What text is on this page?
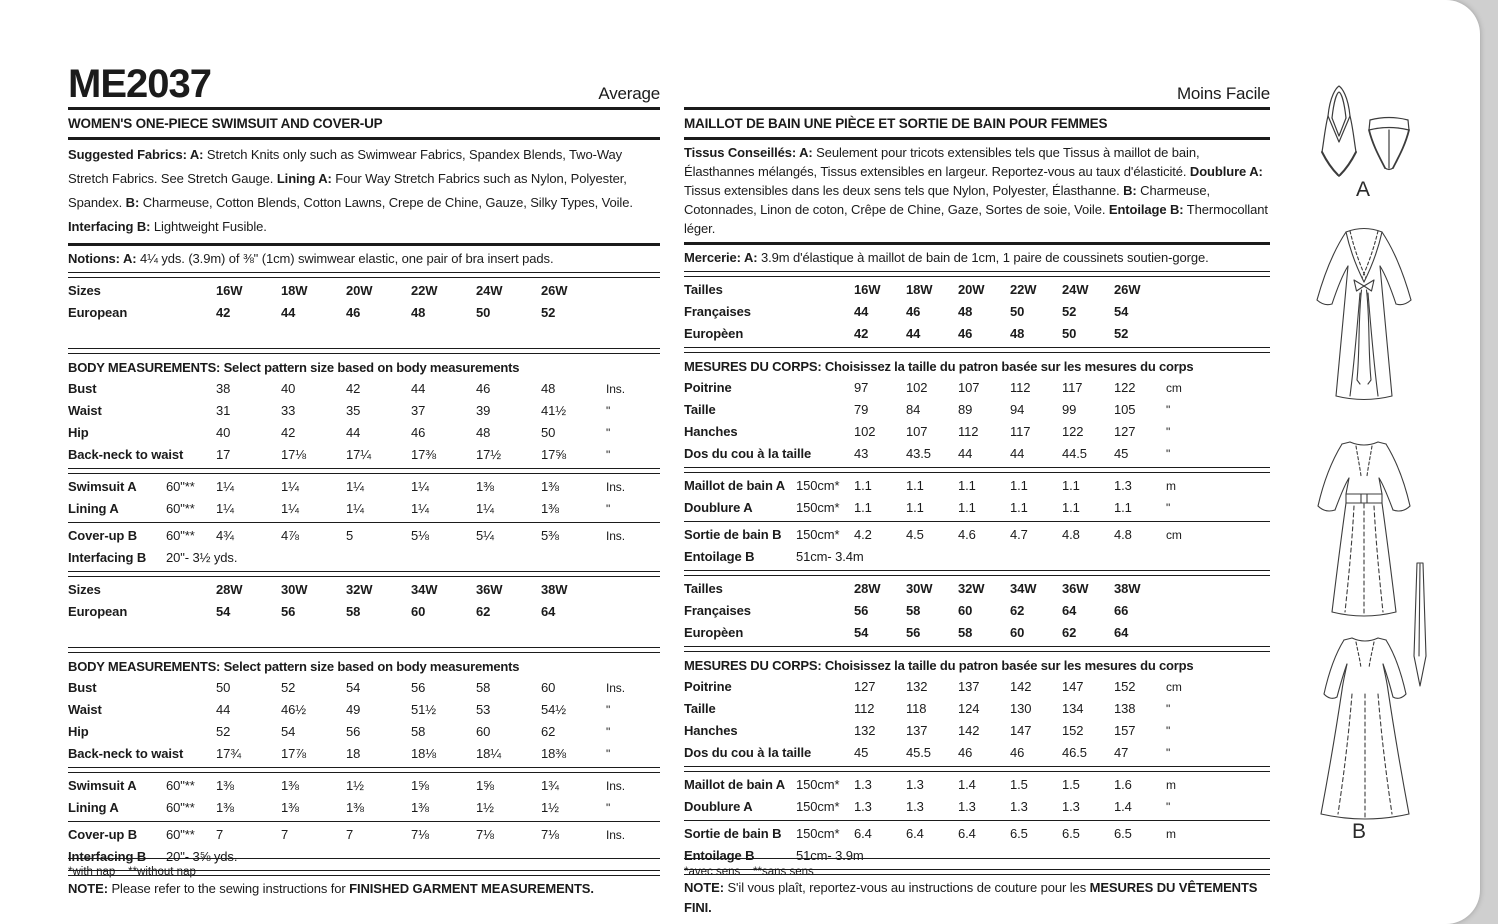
ME2037	Average
WOMEN'S ONE-PIECE SWIMSUIT AND COVER-UP

Suggested Fabrics: A: Stretch Knits only such as Swimwear Fabrics, Spandex Blends, Two-Way Stretch Fabrics. See Stretch Gauge. Lining A: Four Way Stretch Fabrics such as Nylon, Polyester, Spandex. B: Charmeuse, Cotton Blends, Cotton Lawns, Crepe de Chine, Gauze, Silky Types, Voile. Interfacing B: Lightweight Fusible.

Notions: A: 4¼ yds. (3.9m) of ⅜" (1cm) swimwear elastic, one pair of bra insert pads.

Sizes	16W	18W	20W	22W	24W	26W
European	42	44	46	48	50	52
BODY MEASUREMENTS: Select pattern size based on body measurements
Bust	38	40	42	44	46	48	Ins.
Waist	31	33	35	37	39	41½	"
Hip	40	42	44	46	48	50	"
Back-neck to waist	17	17⅛	17¼	17⅜	17½	17⅝	"
Swimsuit A	60"**	1¼	1¼	1¼	1¼	1⅜	1⅜	Ins.
Lining A	60"**	1¼	1¼	1¼	1¼	1¼	1⅜	"
Cover-up B	60"**	4¾	4⅞	5	5⅛	5¼	5⅜	Ins.
Interfacing B	20"- 3½ yds.
Sizes	28W	30W	32W	34W	36W	38W
European	54	56	58	60	62	64
BODY MEASUREMENTS: Select pattern size based on body measurements
Bust	50	52	54	56	58	60	Ins.
Waist	44	46½	49	51½	53	54½	"
Hip	52	54	56	58	60	62	"
Back-neck to waist	17¾	17⅞	18	18⅛	18¼	18⅜	"
Swimsuit A	60"**	1⅜	1⅜	1½	1⅝	1⅝	1¾	Ins.
Lining A	60"**	1⅜	1⅜	1⅜	1⅜	1½	1½	"
Cover-up B	60"**	7	7	7	7⅛	7⅛	7⅛	Ins.
Interfacing B	20"- 3⅝ yds.

NOTE: Please refer to the sewing instructions for FINISHED GARMENT MEASUREMENTS.

*with nap    **without nap

Moins Facile
MAILLOT DE BAIN UNE PIÈCE ET SORTIE DE BAIN POUR FEMMES

Tissus Conseillés: A: Seulement pour tricots extensibles tels que Tissus à maillot de bain, Élasthannes mélangés, Tissus extensibles en largeur. Reportez-vous au taux d'élasticité. Doublure A: Tissus extensibles dans les deux sens tels que Nylon, Polyester, Élasthanne. B: Charmeuse, Cotonnades, Linon de coton, Crêpe de Chine, Gaze, Sortes de soie, Voile. Entoilage B: Thermocollant léger.

Mercerie: A: 3.9m d'élastique à maillot de bain de 1cm, 1 paire de coussinets soutien-gorge.

Tailles	16W	18W	20W	22W	24W	26W
Françaises	44	46	48	50	52	54
Europèen	42	44	46	48	50	52
MESURES DU CORPS: Choisissez la taille du patron basée sur les mesures du corps
Poitrine	97	102	107	112	117	122	cm
Taille	79	84	89	94	99	105	"
Hanches	102	107	112	117	122	127	"
Dos du cou à la taille	43	43.5	44	44	44.5	45	"
Maillot de bain A 150cm*	1.1	1.1	1.1	1.1	1.1	1.3	m
Doublure A	150cm*	1.1	1.1	1.1	1.1	1.1	1.1	"
Sortie de bain B	150cm*	4.2	4.5	4.6	4.7	4.8	4.8	cm
Entoilage B	51cm- 3.4m
Tailles	28W	30W	32W	34W	36W	38W
Françaises	56	58	60	62	64	66
Europèen	54	56	58	60	62	64
MESURES DU CORPS: Choisissez la taille du patron basée sur les mesures du corps
Poitrine	127	132	137	142	147	152	cm
Taille	112	118	124	130	134	138	"
Hanches	132	137	142	147	152	157	"
Dos du cou à la taille	45	45.5	46	46	46.5	47	"
Maillot de bain A 150cm*	1.3	1.3	1.4	1.5	1.5	1.6	m
Doublure A	150cm*	1.3	1.3	1.3	1.3	1.3	1.4	"
Sortie de bain B	150cm*	6.4	6.4	6.4	6.5	6.5	6.5	m
Entoilage B	51cm- 3.9m

NOTE: S'il vous plaît, reportez-vous au instructions de couture pour les MESURES DU VÊTEMENTS FINI.

*avec sens    **sans sens

A
B
